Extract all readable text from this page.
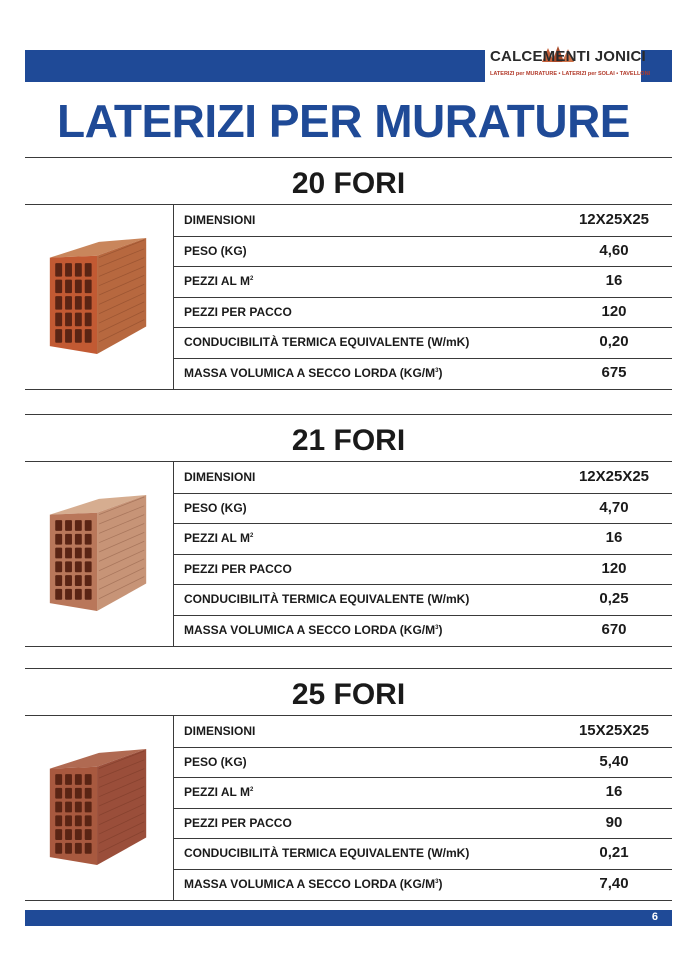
CALCEMENTI JONICI
LATERIZI per MURATURE • LATERIZI per SOLAI • TAVELLONI
LATERIZI PER MURATURE
20 FORI
DIMENSIONI	12X25X25
PESO (KG)	4,60
PEZZI AL $M^2$	16
PEZZI PER PACCO	120
CONDUCIBILITÀ TERMICA EQUIVALENTE (W/mK)	0,20
MASSA VOLUMICA A SECCO LORDA $(KG/M^3)$	675
21 FORI
DIMENSIONI	12X25X25
PESO (KG)	4,70
PEZZI AL $M^2$	16
PEZZI PER PACCO	120
CONDUCIBILITÀ TERMICA EQUIVALENTE (W/mK)	0,25
MASSA VOLUMICA A SECCO LORDA $(KG/M^3)$	670
25 FORI
DIMENSIONI	15X25X25
PESO (KG)	5,40
PEZZI AL $M^2$	16
PEZZI PER PACCO	90
CONDUCIBILITÀ TERMICA EQUIVALENTE (W/mK)	0,21
MASSA VOLUMICA A SECCO LORDA $(KG/M^3)$	7,40
6
